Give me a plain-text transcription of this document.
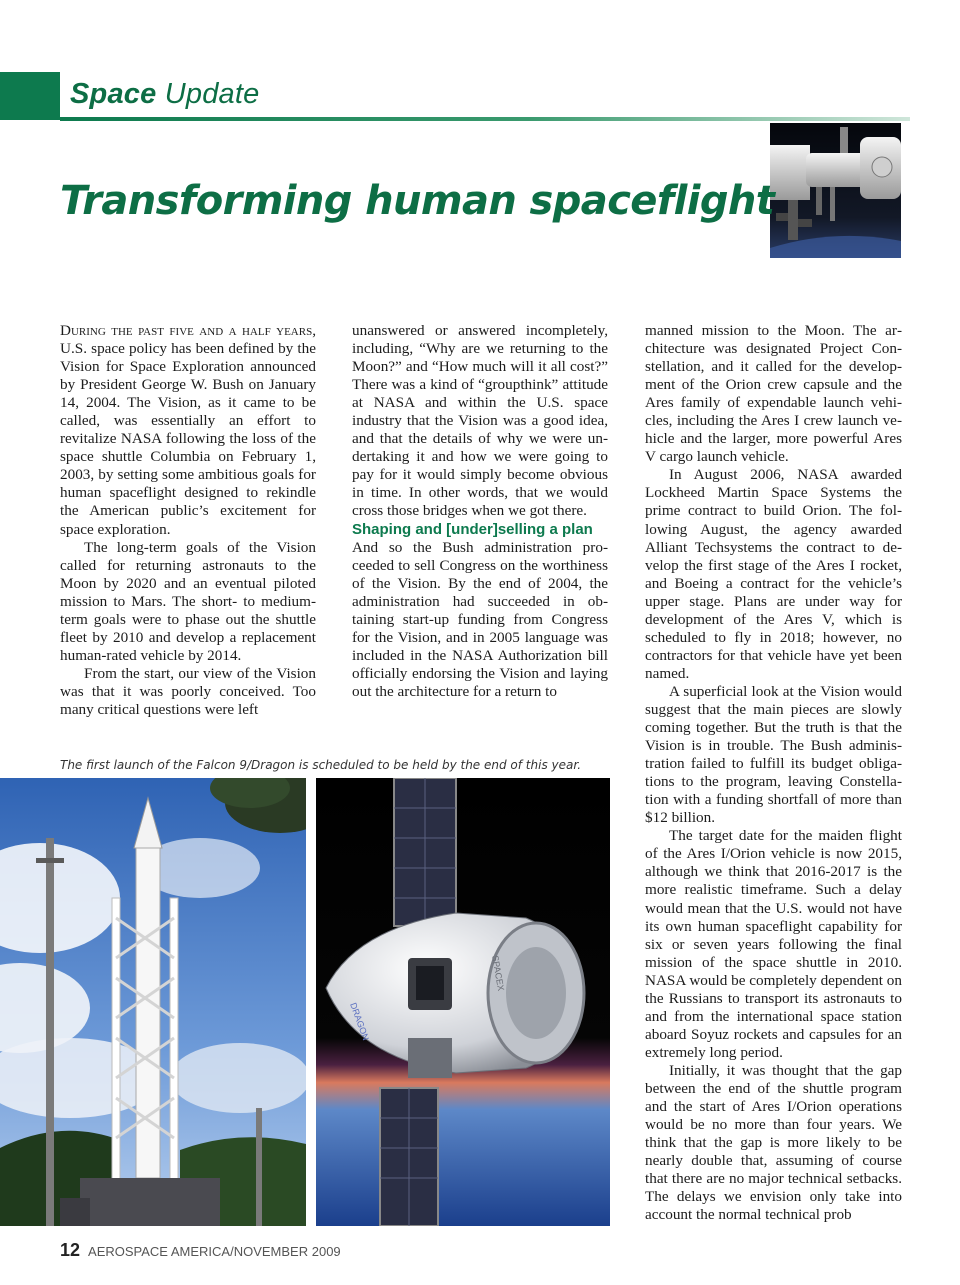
Space Update
Transforming human spaceflight

During the past five and a half years, U.S. space policy has been defined by the Vision for Space Exploration announced by President George W. Bush on January 14, 2004. The Vision, as it came to be called, was essentially an effort to revitalize NASA following the loss of the space shuttle Columbia on February 1, 2003, by setting some ambitious goals for human spaceflight designed to rekindle the American public’s excitement for space exploration.

The long-term goals of the Vision called for returning astronauts to the Moon by 2020 and an eventual piloted mission to Mars. The short- to medium-term goals were to phase out the shuttle fleet by 2010 and develop a replacement human-rated vehicle by 2014.

From the start, our view of the Vision was that it was poorly conceived. Too many critical questions were left

unanswered or answered incompletely, including, “Why are we returning to the Moon?” and “How much will it all cost?” There was a kind of “groupthink” attitude at NASA and within the U.S. space industry that the Vision was a good idea, and that the details of why we were undertaking it and how we were going to pay for it would simply become obvious in time. In other words, that we would cross those bridges when we got there.

Shaping and [under]selling a plan

And so the Bush administration proceeded to sell Congress on the worthiness of the Vision. By the end of 2004, the administration had succeeded in obtaining start-up funding from Congress for the Vision, and in 2005 language was included in the NASA Authorization bill officially endorsing the Vision and laying out the architecture for a return to

manned mission to the Moon. The architecture was designated Project Constellation, and it called for the development of the Orion crew capsule and the Ares family of expendable launch vehicles, including the Ares I crew launch vehicle and the larger, more powerful Ares V cargo launch vehicle.

In August 2006, NASA awarded Lockheed Martin Space Systems the prime contract to build Orion. The following August, the agency awarded Alliant Techsystems the contract to develop the first stage of the Ares I rocket, and Boeing a contract for the vehicle’s upper stage. Plans are under way for development of the Ares V, which is scheduled to fly in 2018; however, no contractors for that vehicle have yet been named.

A superficial look at the Vision would suggest that the main pieces are slowly coming together. But the truth is that the Vision is in trouble. The Bush administration failed to fulfill its budget obligations to the program, leaving Constellation with a funding shortfall of more than $12 billion.

The target date for the maiden flight of the Ares I/Orion vehicle is now 2015, although we think that 2016-2017 is the more realistic timeframe. Such a delay would mean that the U.S. would not have its own human spaceflight capability for six or seven years following the final mission of the space shuttle in 2010. NASA would be completely dependent on the Russians to transport its astronauts to and from the international space station aboard Soyuz rockets and capsules for an extremely long period.

Initially, it was thought that the gap between the end of the shuttle program and the start of Ares I/Orion operations would be no more than four years. We think that the gap is more likely to be nearly double that, assuming of course that there are no major technical setbacks. The delays we envision only take into account the normal technical prob

The first launch of the Falcon 9/Dragon is scheduled to be held by the end of this year.
DRAGON
SPACEX
12 AEROSPACE AMERICA/NOVEMBER 2009
